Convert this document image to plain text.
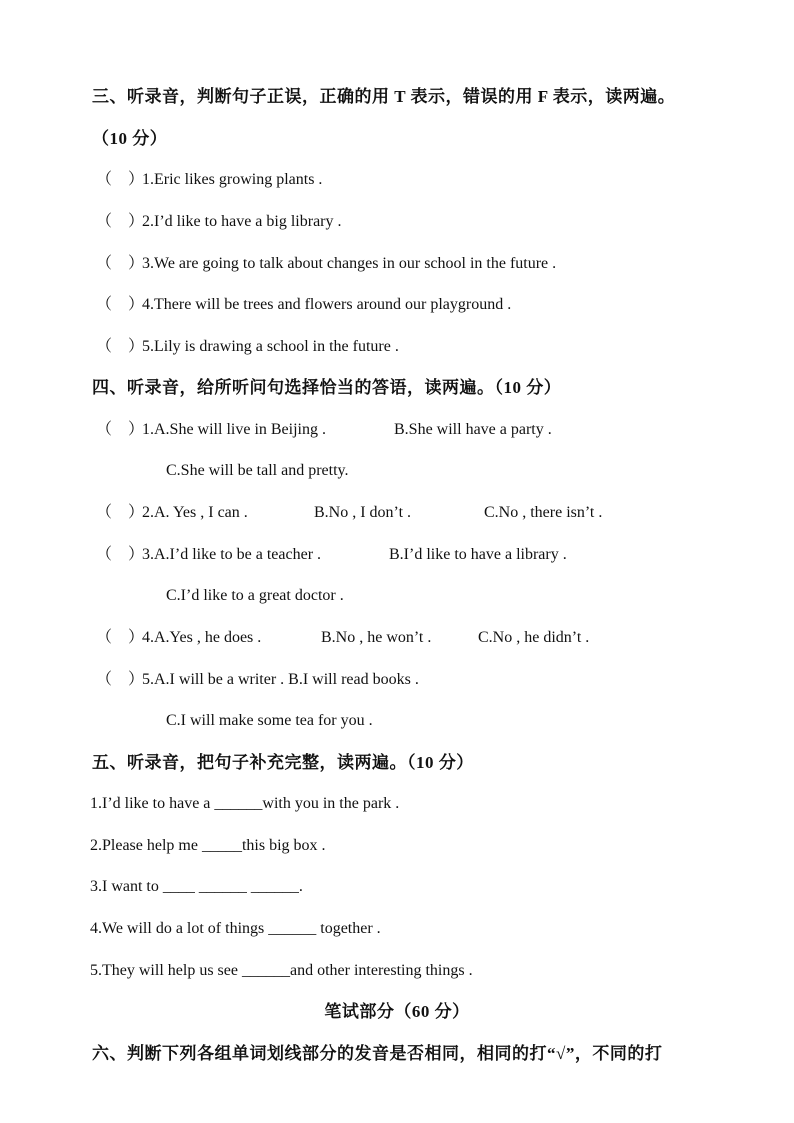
三、听录音，判断句子正误，正确的用 T 表示，错误的用 F 表示，读两遍。
（10 分）
（　）1.Eric likes growing plants .
（　）2.I’d like to have a big library .
（　）3.We are going to talk about changes in our school in the future .
（　）4.There will be trees and flowers around our playground .
（　）5.Lily is drawing a school in the future .
四、听录音，给所听问句选择恰当的答语，读两遍。（10 分）
（　）1.A.She will live in Beijing .	B.She will have a party .
C.She will be tall and pretty.
（　）2.A. Yes , I can .	B.No , I don’t .	C.No , there isn’t .
（　）3.A.I’d like to be a teacher .	B.I’d like to have a library .
C.I’d like to a great doctor .
（　）4.A.Yes , he does .	B.No , he won’t .	C.No , he didn’t .
（　）5.A.I will be a writer . B.I will read books .
C.I will make some tea for you .
五、听录音，把句子补充完整，读两遍。（10 分）
1.I’d like to have a ______with you in the park .
2.Please help me _____this big box .
3.I want to ____ ______ ______.
4.We will do a lot of things ______ together .
5.They will help us see ______and other interesting things .
笔试部分（60 分）
六、判断下列各组单词划线部分的发音是否相同，相同的打“√”，不同的打
